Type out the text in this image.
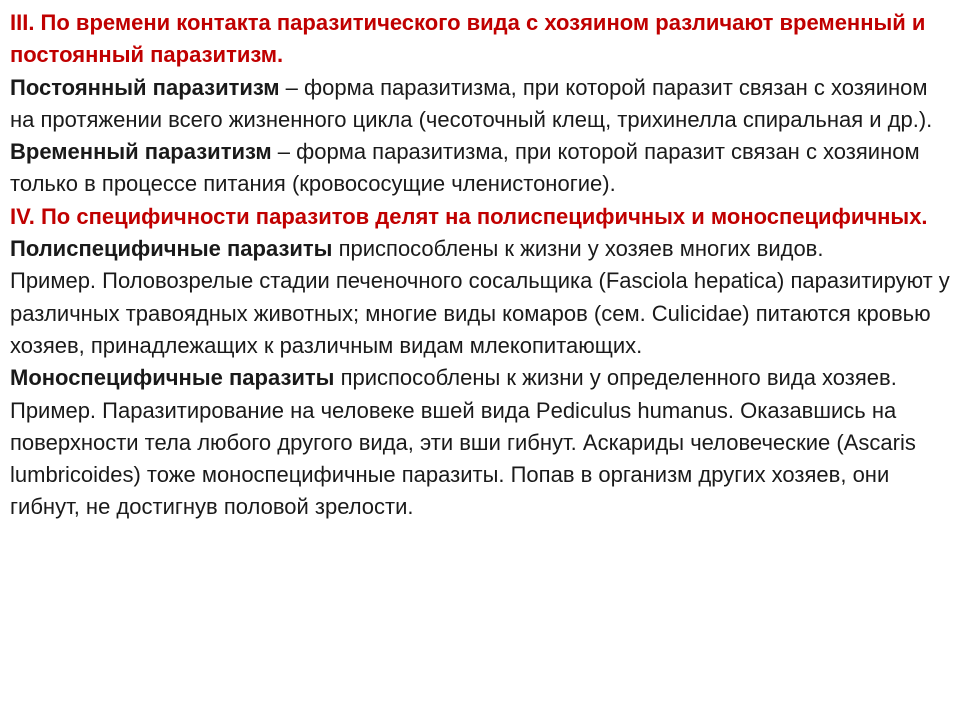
III. По времени контакта паразитического вида с хозяином различают временный и постоянный паразитизм.

Постоянный паразитизм – форма паразитизма, при которой паразит связан с хозяином на протяжении всего жизненного цикла (чесоточный клещ, трихинелла спиральная и др.).

Временный паразитизм – форма паразитизма, при которой паразит связан с хозяином только в процессе питания (кровососущие членистоногие).

IV. По специфичности паразитов делят на полиспецифичных и моноспецифичных.

Полиспецифичные паразиты приспособлены к жизни у хозяев многих видов.

Пример. Половозрелые стадии печеночного сосальщика (Fasciola hepatica) паразитируют у различных травоядных животных; многие виды комаров (сем. Culicidae) питаются кровью хозяев, принадлежащих к различным видам млекопитающих.

Моноспецифичные паразиты приспособлены к жизни у определенного вида хозяев.

Пример. Паразитирование на человеке вшей вида Pediculus humanus. Оказавшись на поверхности тела любого другого вида, эти вши гибнут. Аскариды человеческие (Ascaris lumbricoides) тоже моноспецифичные паразиты. Попав в организм других хозяев, они

гибнут, не достигнув половой зрелости.
